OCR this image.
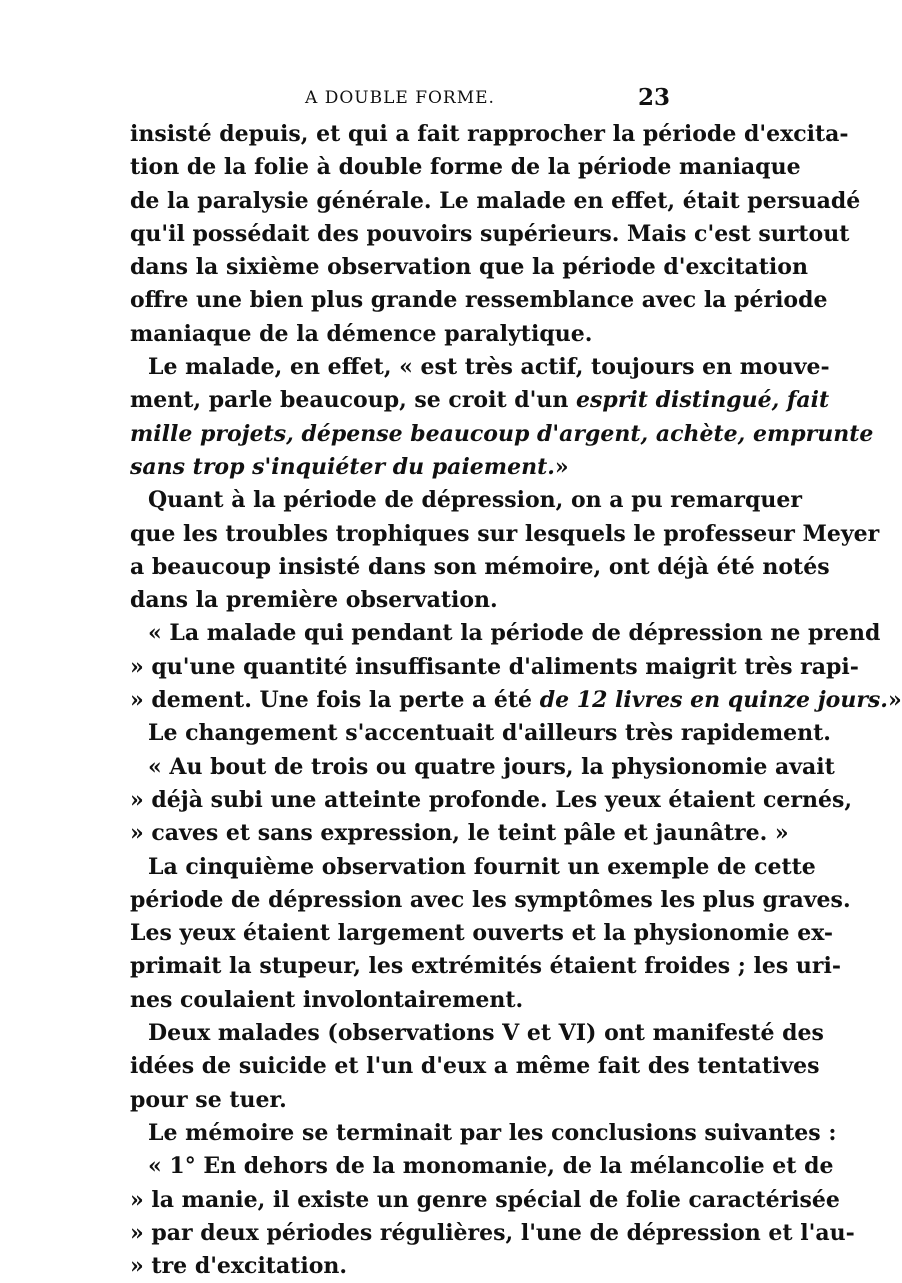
A DOUBLE FORME.	23
insisté depuis, et qui a fait rapprocher la période d'excita-
tion de la folie à double forme de la période maniaque
de la paralysie générale. Le malade en effet, était persuadé
qu'il possédait des pouvoirs supérieurs. Mais c'est surtout
dans la sixième observation que la période d'excitation
offre une bien plus grande ressemblance avec la période
maniaque de la démence paralytique.
Le malade, en effet, « est très actif, toujours en mouve-
ment, parle beaucoup, se croit d'un esprit distingué, fait
mille projets, dépense beaucoup d'argent, achète, emprunte
sans trop s'inquiéter du paiement.»
Quant à la période de dépression, on a pu remarquer
que les troubles trophiques sur lesquels le professeur Meyer
a beaucoup insisté dans son mémoire, ont déjà été notés
dans la première observation.
« La malade qui pendant la période de dépression ne prend
» qu'une quantité insuffisante d'aliments maigrit très rapi-
» dement. Une fois la perte a été de 12 livres en quinze jours.»
Le changement s'accentuait d'ailleurs très rapidement.
« Au bout de trois ou quatre jours, la physionomie avait
» déjà subi une atteinte profonde. Les yeux étaient cernés,
» caves et sans expression, le teint pâle et jaunâtre. »
La cinquième observation fournit un exemple de cette
période de dépression avec les symptômes les plus graves.
Les yeux étaient largement ouverts et la physionomie ex-
primait la stupeur, les extrémités étaient froides ; les uri-
nes coulaient involontairement.
Deux malades (observations V et VI) ont manifesté des
idées de suicide et l'un d'eux a même fait des tentatives
pour se tuer.
Le mémoire se terminait par les conclusions suivantes :
« 1° En dehors de la monomanie, de la mélancolie et de
» la manie, il existe un genre spécial de folie caractérisée
» par deux périodes régulières, l'une de dépression et l'au-
» tre d'excitation.
